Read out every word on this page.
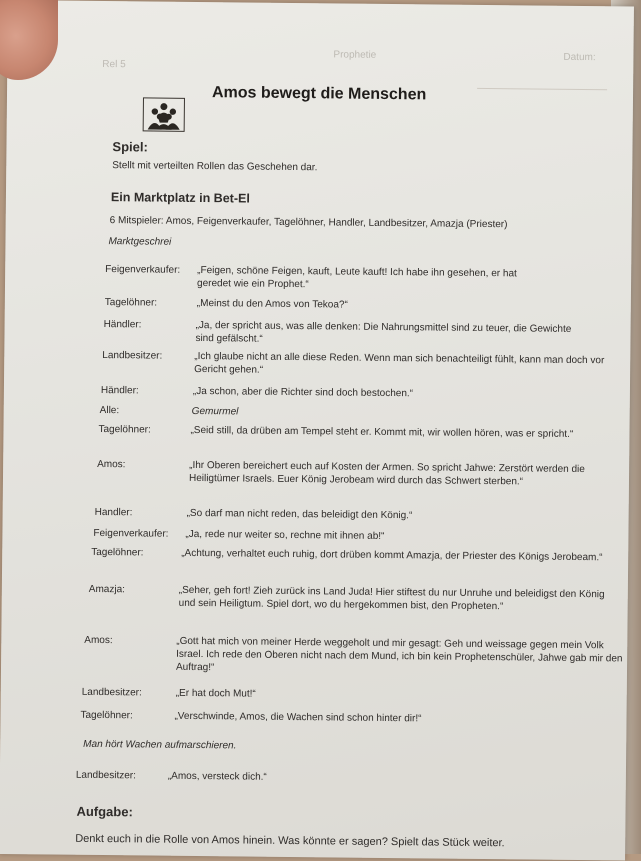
Rel 5
Prophetie	Datum:
Amos bewegt die Menschen
Spiel:
Stellt mit verteilten Rollen das Geschehen dar.
Ein Marktplatz in Bet-El
6 Mitspieler: Amos, Feigenverkaufer, Tagelöhner, Handler, Landbesitzer, Amazja (Priester)
Marktgeschrei
Feigenverkaufer: „Feigen, schöne Feigen, kauft, Leute kauft! Ich habe ihn gesehen, er hat geredet wie ein Prophet.“
Tagelöhner:	„Meinst du den Amos von Tekoa?“
Händler:	„Ja, der spricht aus, was alle denken: Die Nahrungsmittel sind zu teuer, die Gewichte sind gefälscht.“
Landbesitzer:	„Ich glaube nicht an alle diese Reden. Wenn man sich benachteiligt fühlt, kann man doch vor Gericht gehen.“
Händler:	„Ja schon, aber die Richter sind doch bestochen.“
Alle:	Gemurmel
Tagelöhner:	„Seid still, da drüben am Tempel steht er. Kommt mit, wir wollen hören, was er spricht.“
Amos:	„Ihr Oberen bereichert euch auf Kosten der Armen. So spricht Jahwe: Zerstört werden die Heiligtümer Israels. Euer König Jerobeam wird durch das Schwert sterben.“
Handler:	„So darf man nicht reden, das beleidigt den König.“
Feigenverkaufer: „Ja, rede nur weiter so, rechne mit ihnen ab!“
Tagelöhner:	„Achtung, verhaltet euch ruhig, dort drüben kommt Amazja, der Priester des Königs Jerobeam.“
Amazja:	„Seher, geh fort! Zieh zurück ins Land Juda! Hier stiftest du nur Unruhe und beleidigst den König und sein Heiligtum. Spiel dort, wo du hergekommen bist, den Propheten.“
Amos:	„Gott hat mich von meiner Herde weggeholt und mir gesagt: Geh und weissage gegen mein Volk Israel. Ich rede den Oberen nicht nach dem Mund, ich bin kein Prophetenschüler, Jahwe gab mir den Auftrag!“
Landbesitzer:	„Er hat doch Mut!“
Tagelöhner:	„Verschwinde, Amos, die Wachen sind schon hinter dir!“
Man hört Wachen aufmarschieren.
Landbesitzer:	„Amos, versteck dich.“
Aufgabe:
Denkt euch in die Rolle von Amos hinein. Was könnte er sagen? Spielt das Stück weiter.
